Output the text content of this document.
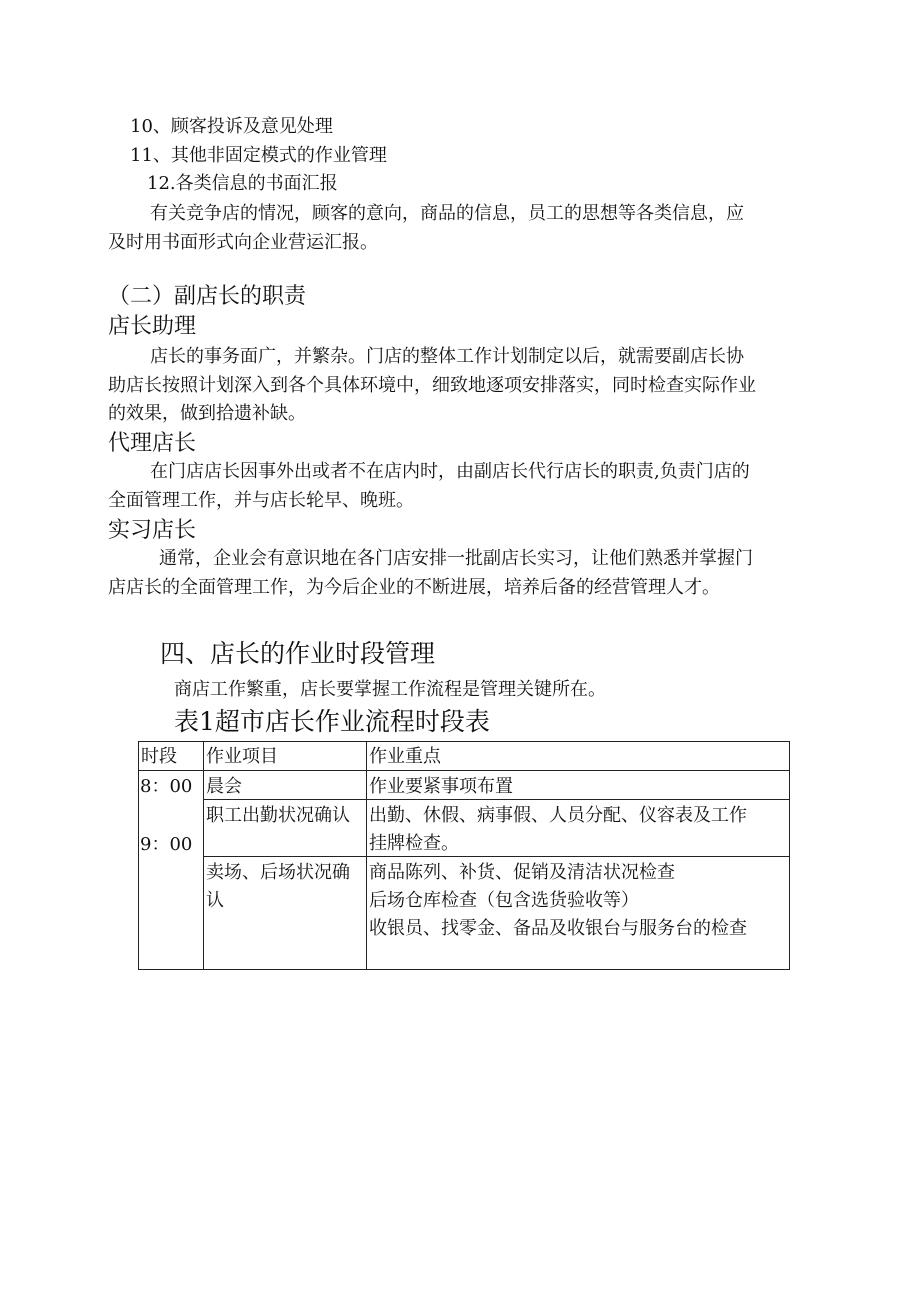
10、顾客投诉及意见处理
11、其他非固定模式的作业管理
12.各类信息的书面汇报
有关竞争店的情况，顾客的意向，商品的信息，员工的思想等各类信息，应
及时用书面形式向企业营运汇报。
（二）副店长的职责
店长助理
店长的事务面广，并繁杂。门店的整体工作计划制定以后，就需要副店长协
助店长按照计划深入到各个具体环境中，细致地逐项安排落实，同时检查实际作业
的效果，做到拾遗补缺。
代理店长
在门店店长因事外出或者不在店内时，由副店长代行店长的职责,负责门店的
全面管理工作，并与店长轮早、晚班。
实习店长
通常，企业会有意识地在各门店安排一批副店长实习，让他们熟悉并掌握门
店店长的全面管理工作，为今后企业的不断进展，培养后备的经营管理人才。
四、店长的作业时段管理
商店工作繁重，店长要掌握工作流程是管理关键所在。
表1超市店长作业流程时段表
时段 作业项目	作业重点
8：00
9：00
晨会	作业要紧事项布置
职工出勤状况确认 出勤、休假、病事假、人员分配、仪容表及工作
挂牌检查。
卖场、后场状况确
认
商品陈列、补货、促销及清洁状况检查
后场仓库检查（包含选货验收等）
收银员、找零金、备品及收银台与服务台的检查
